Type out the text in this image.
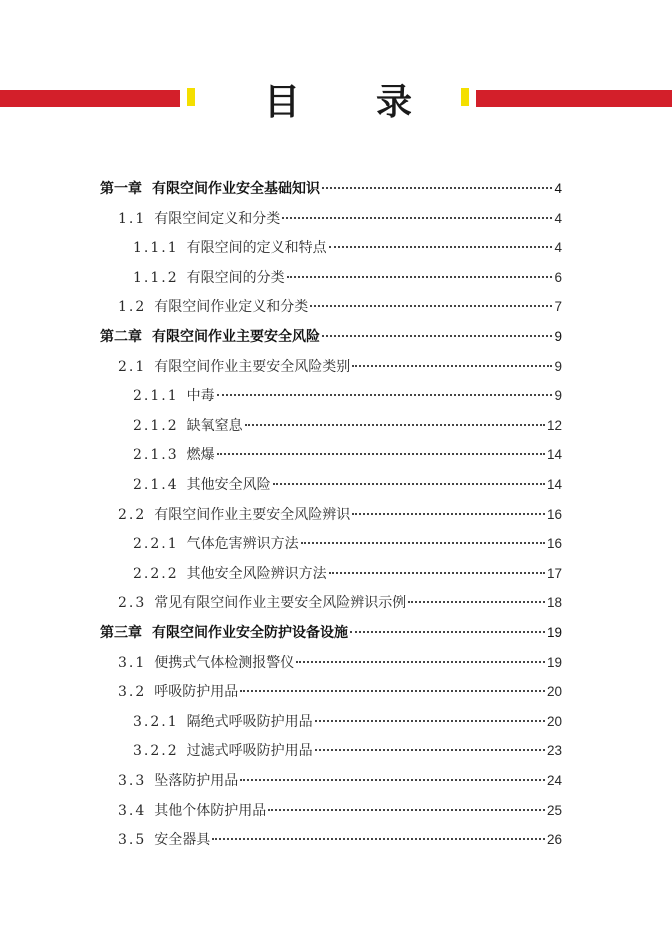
目 录
第一章 有限空间作业安全基础知识	4
1.1 有限空间定义和分类	4
1.1.1 有限空间的定义和特点	4
1.1.2 有限空间的分类	6
1.2 有限空间作业定义和分类	7
第二章 有限空间作业主要安全风险	9
2.1 有限空间作业主要安全风险类别	9
2.1.1 中毒	9
2.1.2 缺氧窒息	12
2.1.3 燃爆	14
2.1.4 其他安全风险	14
2.2 有限空间作业主要安全风险辨识	16
2.2.1 气体危害辨识方法	16
2.2.2 其他安全风险辨识方法	17
2.3 常见有限空间作业主要安全风险辨识示例	18
第三章 有限空间作业安全防护设备设施	19
3.1 便携式气体检测报警仪	19
3.2 呼吸防护用品	20
3.2.1 隔绝式呼吸防护用品	20
3.2.2 过滤式呼吸防护用品	23
3.3 坠落防护用品	24
3.4 其他个体防护用品	25
3.5 安全器具	26
